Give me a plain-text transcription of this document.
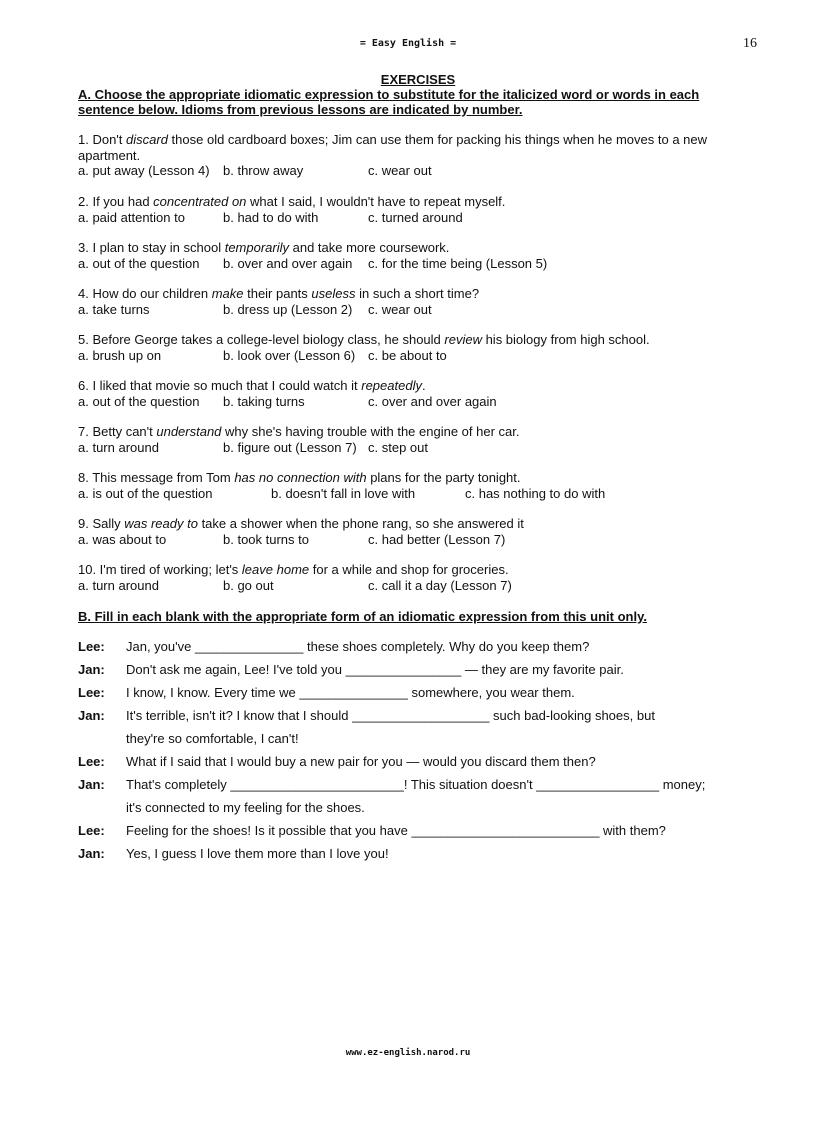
= Easy English =	16
EXERCISES
A. Choose the appropriate idiomatic expression to substitute for the italicized word or words in each sentence below. Idioms from previous lessons are indicated by number.
1. Don't discard those old cardboard boxes; Jim can use them for packing his things when he moves to a new apartment.
a. put away (Lesson 4) b. throw away	c. wear out
2. If you had concentrated on what I said, I wouldn't have to repeat myself.
a. paid attention to	b. had to do with	c. turned around
3. I plan to stay in school temporarily and take more coursework.
a. out of the question b. over and over again c. for the time being (Lesson 5)
4. How do our children make their pants useless in such a short time?
a. take turns	b. dress up (Lesson 2) c. wear out
5. Before George takes a college-level biology class, he should review his biology from high school.
a. brush up on	b. look over (Lesson 6) c. be about to
6. I liked that movie so much that I could watch it repeatedly.
a. out of the question b. taking turns	c. over and over again
7. Betty can't understand why she's having trouble with the engine of her car.
a. turn around	b. figure out (Lesson 7) c. step out
8. This message from Tom has no connection with plans for the party tonight.
a. is out of the question	b. doesn't fall in love with	c. has nothing to do with
9. Sally was ready to take a shower when the phone rang, so she answered it
a. was about to	b. took turns to	c. had better (Lesson 7)
10. I'm tired of working; let's leave home for a while and shop for groceries.
a. turn around	b. go out	c. call it a day (Lesson 7)
B. Fill in each blank with the appropriate form of an idiomatic expression from this unit only.
Lee: Jan, you've _______________ these shoes completely. Why do you keep them?
Jan: Don't ask me again, Lee! I've told you ________________ — they are my favorite pair.
Lee: I know, I know. Every time we _______________ somewhere, you wear them.
Jan: It's terrible, isn't it? I know that I should ___________________ such bad-looking shoes, but
they're so comfortable, I can't!
Lee: What if I said that I would buy a new pair for you — would you discard them then?
Jan: That's completely ________________________! This situation doesn't _________________ money;
it's connected to my feeling for the shoes.
Lee: Feeling for the shoes! Is it possible that you have __________________________ with them?
Jan: Yes, I guess I love them more than I love you!
www.ez-english.narod.ru
